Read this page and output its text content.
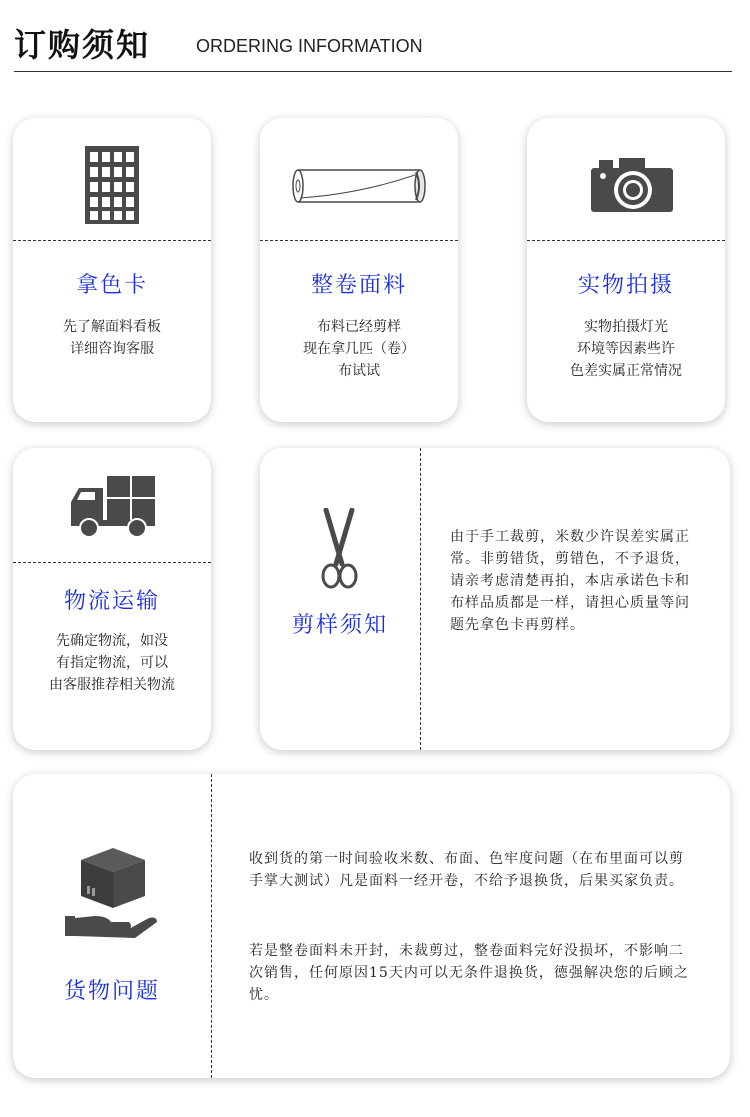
订购须知	ORDERING INFORMATION
拿色卡
先了解面料看板
详细咨询客服
整卷面料
布料已经剪样
现在拿几匹（卷）
布试试
实物拍摄
实物拍摄灯光
环境等因素些许
色差实属正常情况
物流运输
先确定物流，如没
有指定物流，可以
由客服推荐相关物流
剪样须知
由于手工裁剪，米数少许误差实属正常。非剪错货，剪错色，不予退货，请亲考虑清楚再拍，本店承诺色卡和布样品质都是一样，请担心质量等问题先拿色卡再剪样。
货物问题
收到货的第一时间验收米数、布面、色牢度问题（在布里面可以剪手掌大测试）凡是面料一经开卷，不给予退换货，后果买家负责。
若是整卷面料未开封，未裁剪过，整卷面料完好没损坏，不影响二次销售，任何原因15天内可以无条件退换货，德强解决您的后顾之忧。
